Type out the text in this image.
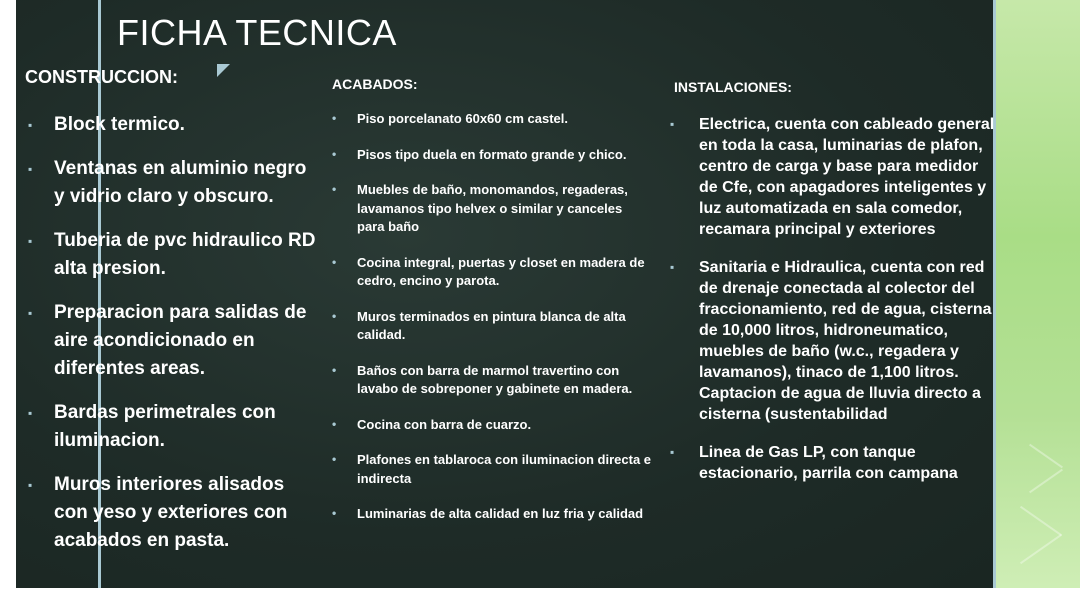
FICHA TECNICA
CONSTRUCCION:	ACABADOS:	INSTALACIONES:
▪ Block termico.
▪ Ventanas en aluminio negro y vidrio claro y obscuro.
▪ Tuberia de pvc hidraulico RD alta presion.
▪ Preparacion para salidas de aire acondicionado en diferentes areas.
▪ Bardas perimetrales con iluminacion.
▪ Muros interiores alisados con yeso y exteriores con acabados en pasta.
• Piso porcelanato 60x60 cm castel.
• Pisos tipo duela en formato grande y chico.
• Muebles de baño, monomandos, regaderas, lavamanos tipo helvex o similar y canceles para baño
• Cocina integral, puertas y closet en madera de cedro, encino y parota.
• Muros terminados en pintura blanca de alta calidad.
• Baños con barra de marmol travertino con lavabo de sobreponer y gabinete en madera.
• Cocina con barra de cuarzo.
• Plafones en tablaroca con iluminacion directa e indirecta
• Luminarias de alta calidad en luz fria y calidad
▪ Electrica, cuenta con cableado general en toda la casa, luminarias de plafon, centro de carga y base para medidor de Cfe, con apagadores inteligentes y luz automatizada en sala comedor, recamara principal y exteriores
▪ Sanitaria e Hidraulica, cuenta con red de drenaje conectada al colector del fraccionamiento, red de agua, cisterna de 10,000 litros, hidroneumatico, muebles de baño (w.c., regadera y lavamanos), tinaco de 1,100 litros. Captacion de agua de lluvia directo a cisterna (sustentabilidad
▪ Linea de Gas LP, con tanque estacionario, parrila con campana
